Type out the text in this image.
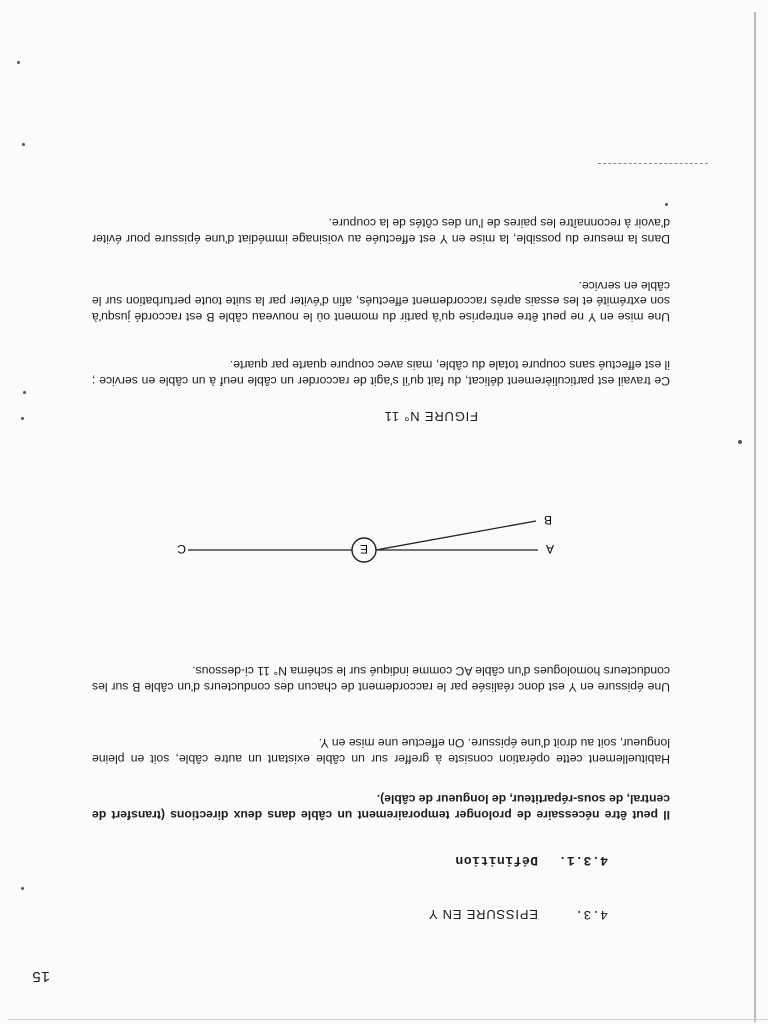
15
4.3.
EPISSURE EN Y
4.3.1.
Définition

Il peut être nécessaire de prolonger temporairement un câble dans deux directions (transfert de central, de sous-répartiteur, de longueur de câble).

Habituellement cette opération consiste à greffer sur un câble existant un autre câble, soit en pleine longueur, soit au droit d'une épissure. On effectue une mise en Y.

Une épissure en Y est donc réalisée par le raccordement de chacun des conducteurs d'un câble B sur les conducteurs homologues d'un câble AC comme indiqué sur le schéma N° 11 ci-dessous.

E	A
B
C
FIGURE N° 11

Ce travail est particulièrement délicat, du fait qu'il s'agit de raccorder un câble neuf à un câble en service ; il est effectué sans coupure totale du câble, mais avec coupure quarte par quarte.

Une mise en Y ne peut être entreprise qu'à partir du moment où le nouveau câble B est raccordé jusqu'à son extrémité et les essais après raccordement effectués, afin d'éviter par la suite toute perturbation sur le câble en service.

Dans la mesure du possible, la mise en Y est effectuée au voisinage immédiat d'une épissure pour éviter d'avoir à reconnaître les paires de l'un des côtés de la coupure.
